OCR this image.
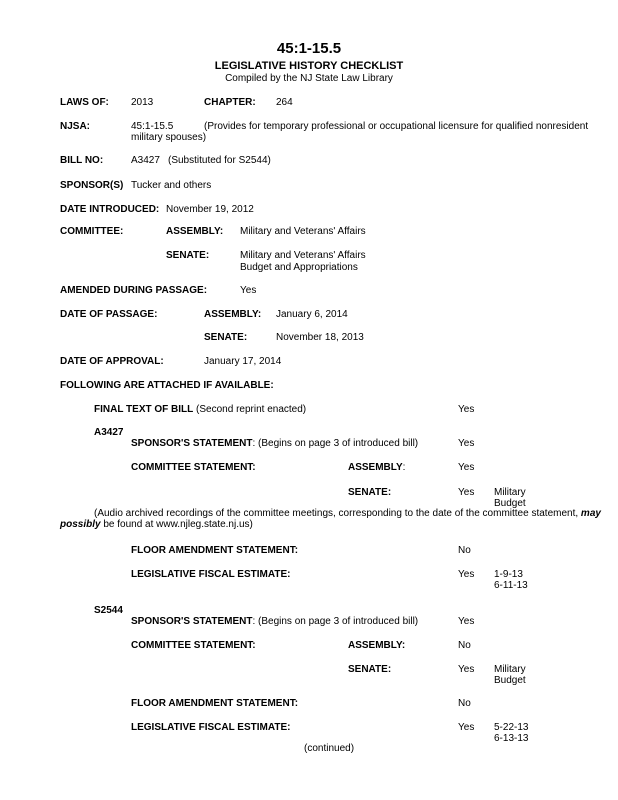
45:1-15.5
LEGISLATIVE HISTORY CHECKLIST
Compiled by the NJ State Law Library
LAWS OF: 2013	CHAPTER: 264
NJSA:	45:1-15.5	(Provides for temporary professional or occupational licensure for qualified nonresident
military spouses)
BILL NO:	A3427 (Substituted for S2544)
SPONSOR(S) Tucker and others
DATE INTRODUCED: November 19, 2012
COMMITTEE:	ASSEMBLY: Military and Veterans' Affairs
SENATE:	Military and Veterans' Affairs
Budget and Appropriations
AMENDED DURING PASSAGE:	Yes
DATE OF PASSAGE:	ASSEMBLY: January 6, 2014
SENATE:	November 18, 2013
DATE OF APPROVAL:	January 17, 2014
FOLLOWING ARE ATTACHED IF AVAILABLE:
FINAL TEXT OF BILL (Second reprint enacted)	Yes
A3427
SPONSOR'S STATEMENT: (Begins on page 3 of introduced bill)	Yes
COMMITTEE STATEMENT:	ASSEMBLY:	Yes
SENATE:	Yes Military
Budget
(Audio archived recordings of the committee meetings, corresponding to the date of the committee statement, may
possibly be found at www.njleg.state.nj.us)
FLOOR AMENDMENT STATEMENT:	No
LEGISLATIVE FISCAL ESTIMATE:	Yes 1-9-13
6-11-13
S2544
SPONSOR'S STATEMENT: (Begins on page 3 of introduced bill)	Yes
COMMITTEE STATEMENT:	ASSEMBLY:	No
SENATE:	Yes Military
Budget
FLOOR AMENDMENT STATEMENT:	No
LEGISLATIVE FISCAL ESTIMATE:	Yes 5-22-13
6-13-13
(continued)
